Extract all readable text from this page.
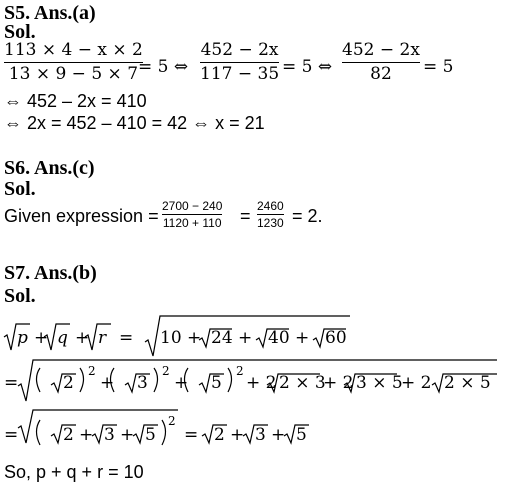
S5. Ans.(a)
Sol.
113 × 4 − x × 2
13 × 9 − 5 × 7 = 5 ⇔
452 − 2x
117 − 35 = 5 ⇔
452 − 2x
82 = 5
⇔ 452 – 2x = 410
⇔ 2x = 452 – 410 = 42 ⇔ x = 21
S6. Ans.(c)
Sol.
Given expression = 2700 − 240
1120 + 110 = 2460
1230 = 2.
S7. Ans.(b)
Sol.
p + q + r = 10 + 24 + 40 + 60
=	2
2
+ 3
2
+ 5
2
+ 2 2 × 3
+ 2 3 × 5
+ 2 2 × 5
=	2 + 3 + 5
2
= 2 + 3 + 5
So, p + q + r = 10
